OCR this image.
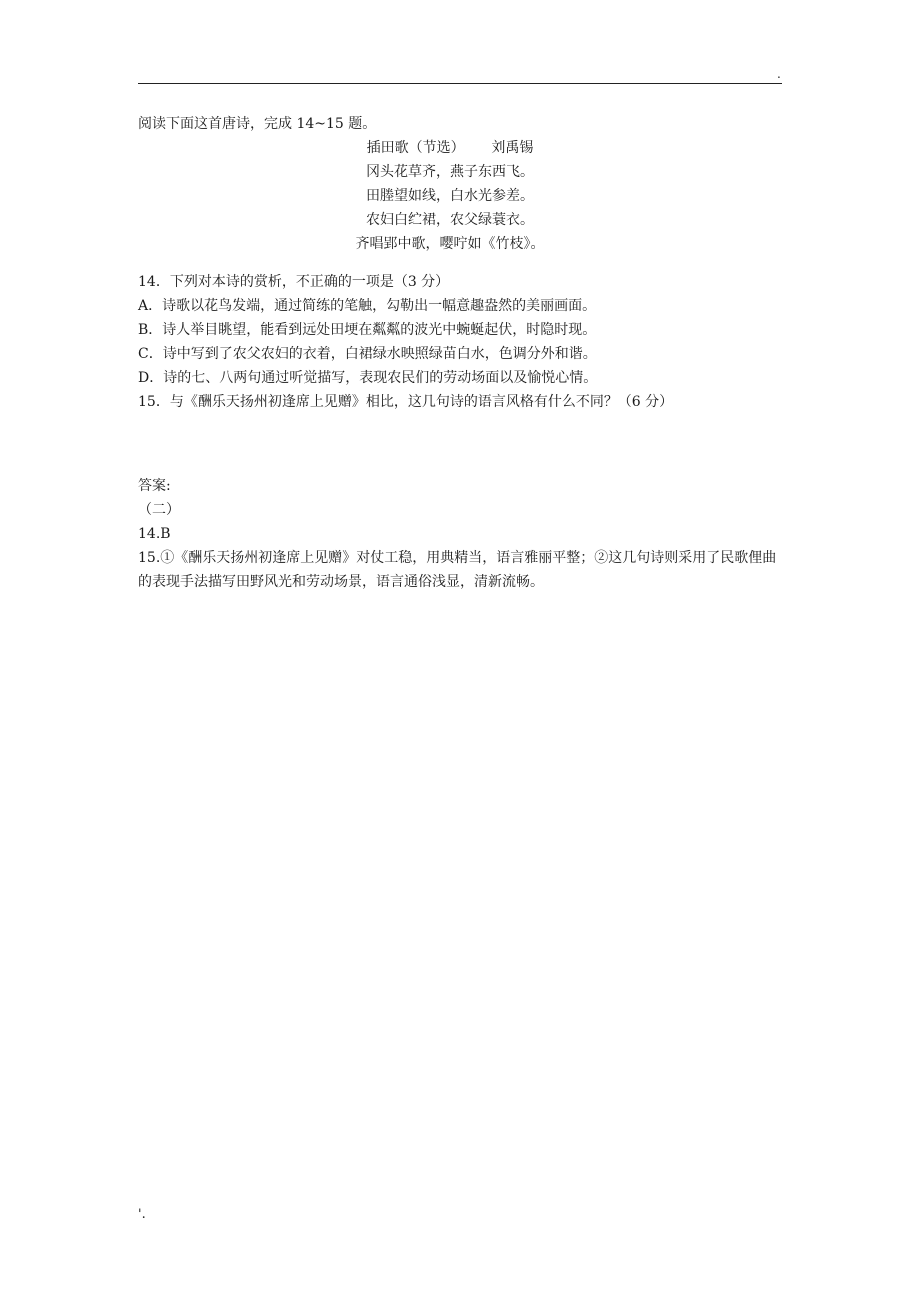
.
阅读下面这首唐诗，完成 14~15 题。
插田歌（节选）      刘禹锡
冈头花草齐，燕子东西飞。
田塍望如线，白水光参差。
农妇白纻裙，农父绿蓑衣。
齐唱郢中歌，嘤咛如《竹枝》。
14．下列对本诗的赏析，不正确的一项是（3 分）
A．诗歌以花鸟发端，通过简练的笔触，勾勒出一幅意趣盎然的美丽画面。
B．诗人举目眺望，能看到远处田埂在粼粼的波光中蜿蜒起伏，时隐时现。
C．诗中写到了农父农妇的衣着，白裙绿水映照绿苗白水，色调分外和谐。
D．诗的七、八两句通过听觉描写，表现农民们的劳动场面以及愉悦心情。
15．与《酬乐天扬州初逢席上见赠》相比，这几句诗的语言风格有什么不同？（6 分）
答案:
（二）
14.B
15.①《酬乐天扬州初逢席上见赠》对仗工稳，用典精当，语言雅丽平整；②这几句诗则采用了民歌俚曲的表现手法描写田野风光和劳动场景，语言通俗浅显，清新流畅。
'.
